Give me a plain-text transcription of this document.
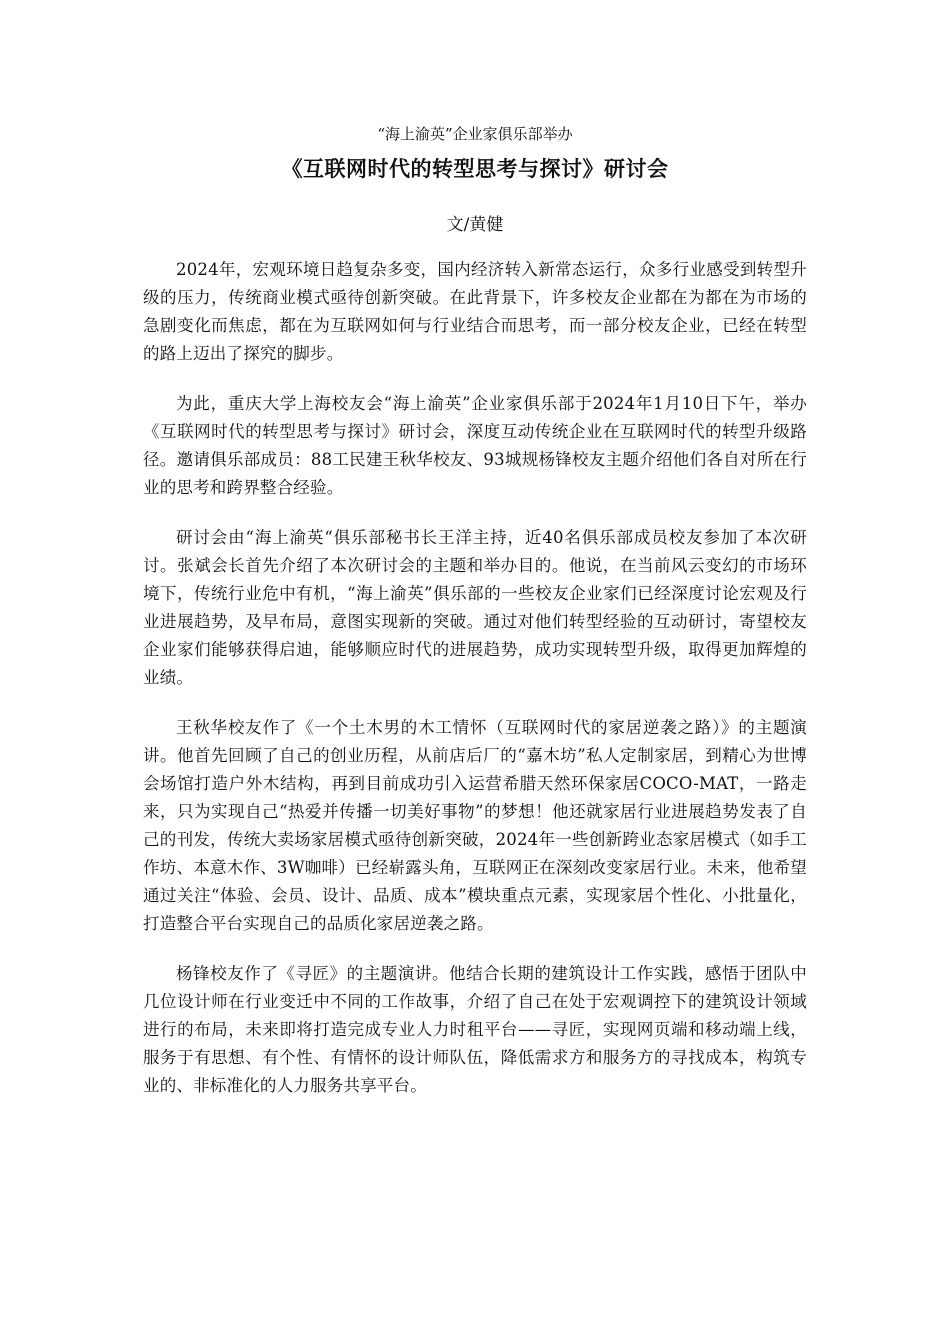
“海上渝英”企业家俱乐部举办
《互联网时代的转型思考与探讨》研讨会
文/黄健

2024年，宏观环境日趋复杂多变，国内经济转入新常态运行，众多行业感受到转型升级的压力，传统商业模式亟待创新突破。在此背景下，许多校友企业都在为都在为市场的急剧变化而焦虑，都在为互联网如何与行业结合而思考，而一部分校友企业，已经在转型的路上迈出了探究的脚步。

为此，重庆大学上海校友会“海上渝英”企业家俱乐部于2024年1月10日下午，举办《互联网时代的转型思考与探讨》研讨会，深度互动传统企业在互联网时代的转型升级路径。邀请俱乐部成员：88工民建王秋华校友、93城规杨锋校友主题介绍他们各自对所在行业的思考和跨界整合经验。

研讨会由“海上渝英“俱乐部秘书长王洋主持，近40名俱乐部成员校友参加了本次研讨。张斌会长首先介绍了本次研讨会的主题和举办目的。他说，在当前风云变幻的市场环境下，传统行业危中有机，“海上渝英”俱乐部的一些校友企业家们已经深度讨论宏观及行业进展趋势，及早布局，意图实现新的突破。通过对他们转型经验的互动研讨，寄望校友企业家们能够获得启迪，能够顺应时代的进展趋势，成功实现转型升级，取得更加辉煌的业绩。

王秋华校友作了《一个土木男的木工情怀（互联网时代的家居逆袭之路）》的主题演讲。他首先回顾了自己的创业历程，从前店后厂的“嘉木坊”私人定制家居，到精心为世博会场馆打造户外木结构，再到目前成功引入运营希腊天然环保家居COCO-MAT，一路走来，只为实现自己“热爱并传播一切美好事物”的梦想！他还就家居行业进展趋势发表了自己的刊发，传统大卖场家居模式亟待创新突破，2024年一些创新跨业态家居模式（如手工作坊、本意木作、3W咖啡）已经崭露头角，互联网正在深刻改变家居行业。未来，他希望通过关注“体验、会员、设计、品质、成本”模块重点元素，实现家居个性化、小批量化，打造整合平台实现自己的品质化家居逆袭之路。

杨锋校友作了《寻匠》的主题演讲。他结合长期的建筑设计工作实践，感悟于团队中几位设计师在行业变迁中不同的工作故事，介绍了自己在处于宏观调控下的建筑设计领域进行的布局，未来即将打造完成专业人力时租平台——寻匠，实现网页端和移动端上线，服务于有思想、有个性、有情怀的设计师队伍，降低需求方和服务方的寻找成本，构筑专业的、非标准化的人力服务共享平台。
